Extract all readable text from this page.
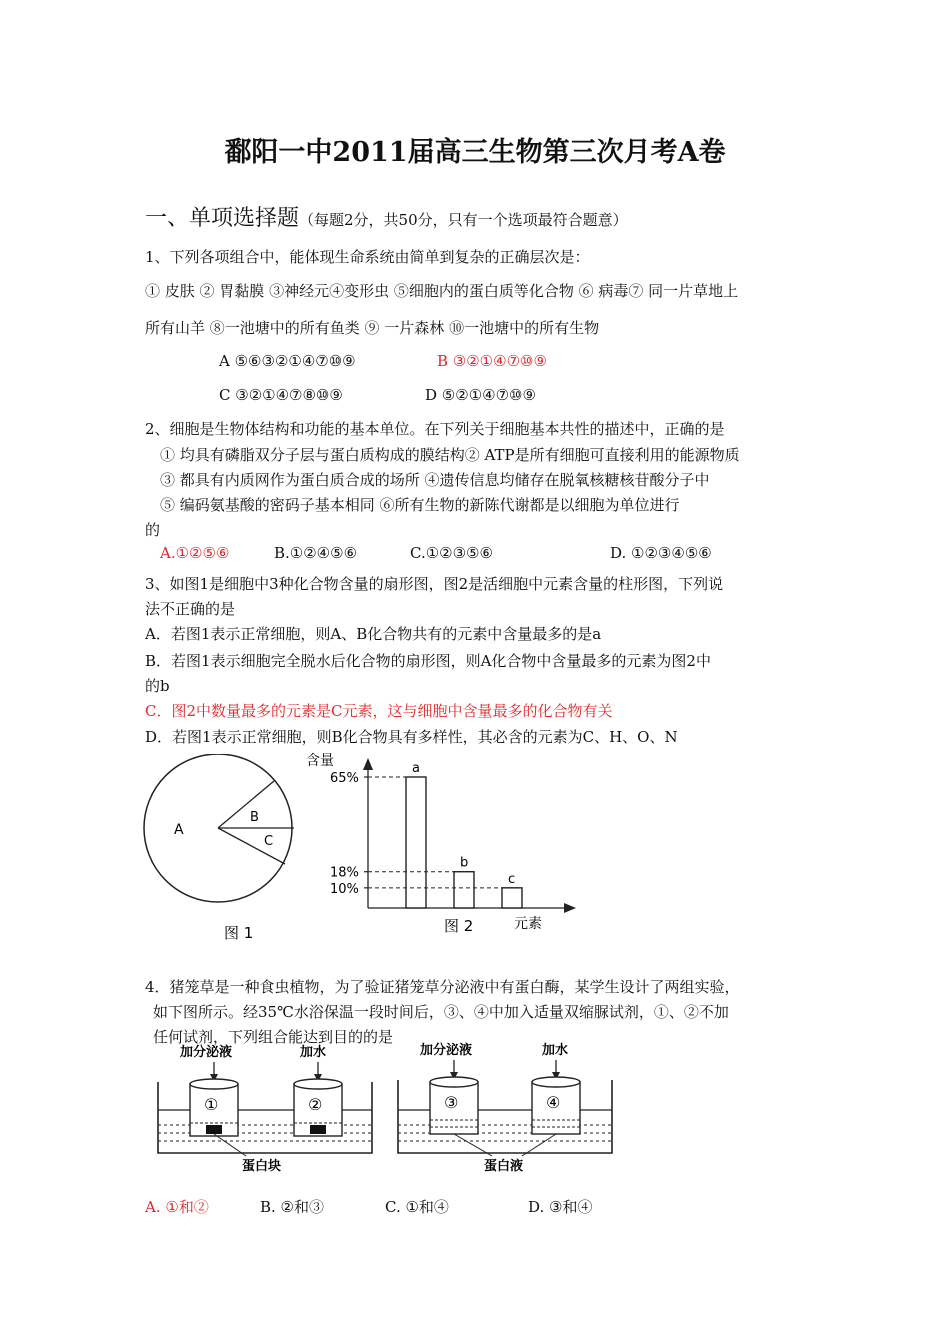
鄱阳一中2011届高三生物第三次月考A卷
一、单项选择题（每题2分，共50分，只有一个选项最符合题意）
1、下列各项组合中，能体现生命系统由简单到复杂的正确层次是：
① 皮肤 ② 胃黏膜 ③神经元④变形虫 ⑤细胞内的蛋白质等化合物 ⑥ 病毒⑦ 同一片草地上
所有山羊 ⑧一池塘中的所有鱼类 ⑨ 一片森林 ⑩一池塘中的所有生物
A ⑤⑥③②①④⑦⑩⑨	B ③②①④⑦⑩⑨
C ③②①④⑦⑧⑩⑨	D ⑤②①④⑦⑩⑨
2、细胞是生物体结构和功能的基本单位。在下列关于细胞基本共性的描述中，正确的是
① 均具有磷脂双分子层与蛋白质构成的膜结构② ATP是所有细胞可直接利用的能源物质
③ 都具有内质网作为蛋白质合成的场所 ④遗传信息均储存在脱氧核糖核苷酸分子中
⑤ 编码氨基酸的密码子基本相同 ⑥所有生物的新陈代谢都是以细胞为单位进行
的
A.①②⑤⑥	B.①②④⑤⑥	C.①②③⑤⑥	D. ①②③④⑤⑥
3、如图1是细胞中3种化合物含量的扇形图，图2是活细胞中元素含量的柱形图，下列说
法不正确的是
A．若图1表示正常细胞，则A、B化合物共有的元素中含量最多的是a
B．若图1表示细胞完全脱水后化合物的扇形图，则A化合物中含量最多的元素为图2中
的b
C．图2中数量最多的元素是C元素，这与细胞中含量最多的化合物有关
D．若图1表示正常细胞，则B化合物具有多样性，其必含的元素为C、H、O、N
A
B
C
图 1
含量	a
65%
b
18%	c
10%
元素
图 2
4．猪笼草是一种食虫植物，为了验证猪笼草分泌液中有蛋白酶，某学生设计了两组实验，
如下图所示。经35℃水浴保温一段时间后，③、④中加入适量双缩脲试剂，①、②不加
任何试剂，下列组合能达到目的的是
加分泌液	加水
①	②
蛋白块
加分泌液	加水
③	④
蛋白液
A. ①和②	B. ②和③	C. ①和④	D. ③和④
